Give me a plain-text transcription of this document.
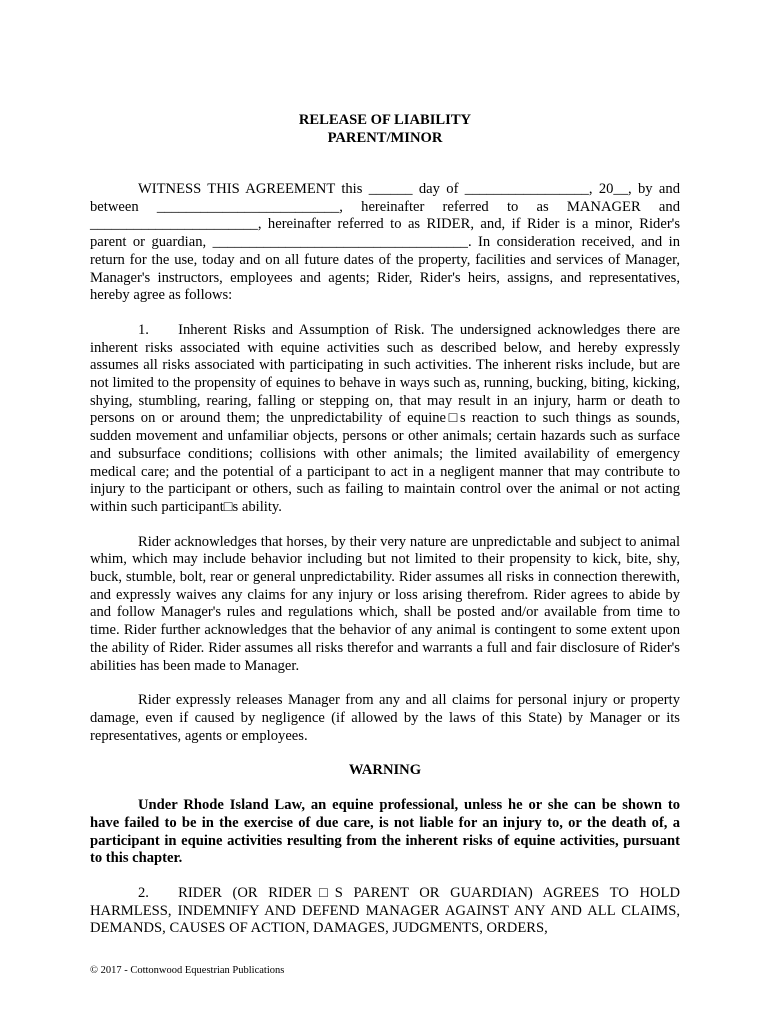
RELEASE OF LIABILITY
PARENT/MINOR

WITNESS THIS AGREEMENT this ______ day of _________________, 20__, by and between _________________________, hereinafter referred to as MANAGER and _______________________, hereinafter referred to as RIDER, and, if Rider is a minor, Rider's parent or guardian, ___________________________________. In consideration received, and in return for the use, today and on all future dates of the property, facilities and services of Manager, Manager's instructors, employees and agents; Rider, Rider's heirs, assigns, and representatives, hereby agree as follows:

1.  Inherent Risks and Assumption of Risk. The undersigned acknowledges there are inherent risks associated with equine activities such as described below, and hereby expressly assumes all risks associated with participating in such activities. The inherent risks include, but are not limited to the propensity of equines to behave in ways such as, running, bucking, biting, kicking, shying, stumbling, rearing, falling or stepping on, that may result in an injury, harm or death to persons on or around them; the unpredictability of equine□s reaction to such things as sounds, sudden movement and unfamiliar objects, persons or other animals; certain hazards such as surface and subsurface conditions; collisions with other animals; the limited availability of emergency medical care; and the potential of a participant to act in a negligent manner that may contribute to injury to the participant or others, such as failing to maintain control over the animal or not acting within such participant□s ability.

Rider acknowledges that horses, by their very nature are unpredictable and subject to animal whim, which may include behavior including but not limited to their propensity to kick, bite, shy, buck, stumble, bolt, rear or general unpredictability. Rider assumes all risks in connection therewith, and expressly waives any claims for any injury or loss arising therefrom. Rider agrees to abide by and follow Manager's rules and regulations which, shall be posted and/or available from time to time. Rider further acknowledges that the behavior of any animal is contingent to some extent upon the ability of Rider. Rider assumes all risks therefor and warrants a full and fair disclosure of Rider's abilities has been made to Manager.

Rider expressly releases Manager from any and all claims for personal injury or property damage, even if caused by negligence (if allowed by the laws of this State) by Manager or its representatives, agents or employees.

WARNING

Under Rhode Island Law, an equine professional, unless he or she can be shown to have failed to be in the exercise of due care, is not liable for an injury to, or the death of, a participant in equine activities resulting from the inherent risks of equine activities, pursuant to this chapter.

2.  RIDER (OR RIDER□S PARENT OR GUARDIAN) AGREES TO HOLD HARMLESS, INDEMNIFY AND DEFEND MANAGER AGAINST ANY AND ALL CLAIMS, DEMANDS, CAUSES OF ACTION, DAMAGES, JUDGMENTS, ORDERS,

© 2017 - Cottonwood Equestrian Publications
